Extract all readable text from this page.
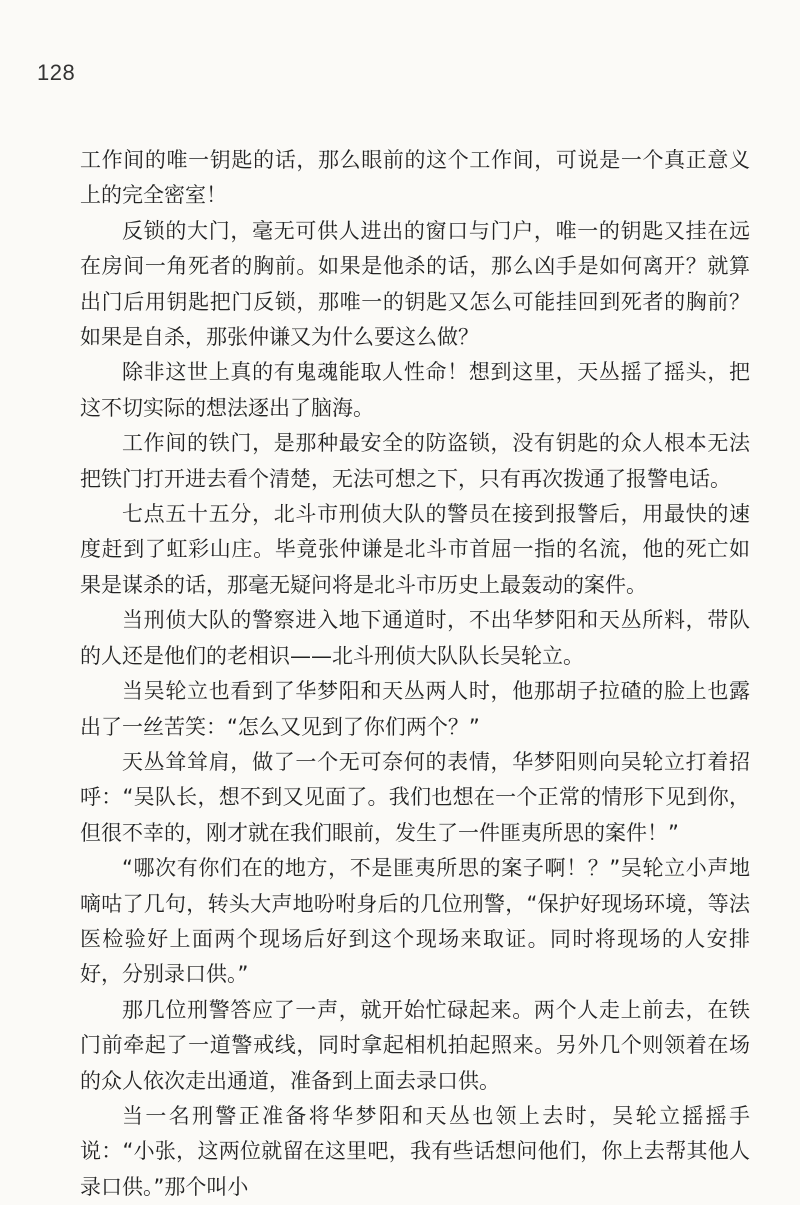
128

工作间的唯一钥匙的话，那么眼前的这个工作间，可说是一个真正意义上的完全密室！

反锁的大门，毫无可供人进出的窗口与门户，唯一的钥匙又挂在远在房间一角死者的胸前。如果是他杀的话，那么凶手是如何离开？就算出门后用钥匙把门反锁，那唯一的钥匙又怎么可能挂回到死者的胸前？如果是自杀，那张仲谦又为什么要这么做？

除非这世上真的有鬼魂能取人性命！想到这里，天丛摇了摇头，把这不切实际的想法逐出了脑海。

工作间的铁门，是那种最安全的防盗锁，没有钥匙的众人根本无法把铁门打开进去看个清楚，无法可想之下，只有再次拨通了报警电话。

七点五十五分，北斗市刑侦大队的警员在接到报警后，用最快的速度赶到了虹彩山庄。毕竟张仲谦是北斗市首屈一指的名流，他的死亡如果是谋杀的话，那毫无疑问将是北斗市历史上最轰动的案件。

当刑侦大队的警察进入地下通道时，不出华梦阳和天丛所料，带队的人还是他们的老相识——北斗刑侦大队队长吴轮立。

当吴轮立也看到了华梦阳和天丛两人时，他那胡子拉碴的脸上也露出了一丝苦笑：“怎么又见到了你们两个？”

天丛耸耸肩，做了一个无可奈何的表情，华梦阳则向吴轮立打着招呼：“吴队长，想不到又见面了。我们也想在一个正常的情形下见到你，但很不幸的，刚才就在我们眼前，发生了一件匪夷所思的案件！”

“哪次有你们在的地方，不是匪夷所思的案子啊！？”吴轮立小声地嘀咕了几句，转头大声地吩咐身后的几位刑警，“保护好现场环境，等法医检验好上面两个现场后好到这个现场来取证。同时将现场的人安排好，分别录口供。”

那几位刑警答应了一声，就开始忙碌起来。两个人走上前去，在铁门前牵起了一道警戒线，同时拿起相机拍起照来。另外几个则领着在场的众人依次走出通道，准备到上面去录口供。

当一名刑警正准备将华梦阳和天丛也领上去时，吴轮立摇摇手说：“小张，这两位就留在这里吧，我有些话想问他们，你上去帮其他人录口供。”那个叫小
